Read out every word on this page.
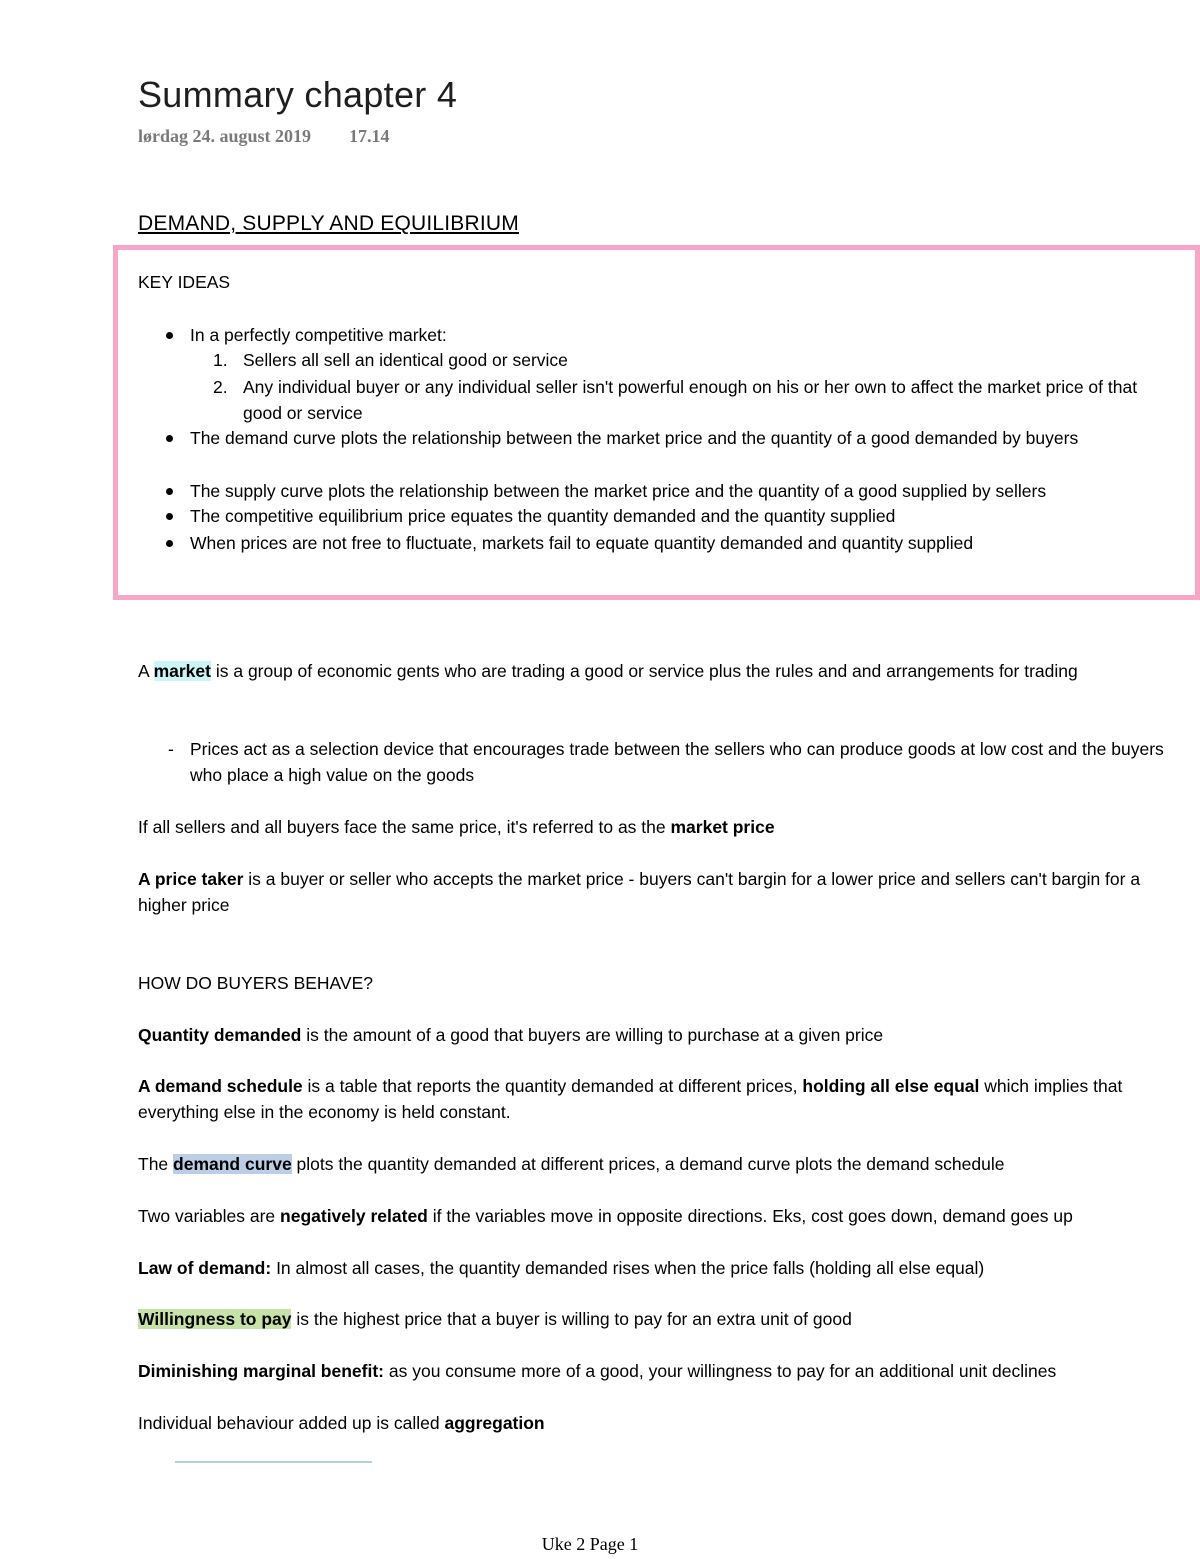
Summary chapter 4
lørdag 24. august 2019 17.14
DEMAND, SUPPLY AND EQUILIBRIUM
KEY IDEAS
In a perfectly competitive market:
1. Sellers all sell an identical good or service
2. Any individual buyer or any individual seller isn't powerful enough on his or her own to affect the market price of that good or service
The demand curve plots the relationship between the market price and the quantity of a good demanded by buyers
The supply curve plots the relationship between the market price and the quantity of a good supplied by sellers
The competitive equilibrium price equates the quantity demanded and the quantity supplied
When prices are not free to fluctuate, markets fail to equate quantity demanded and quantity supplied
A market is a group of economic gents who are trading a good or service plus the rules and and arrangements for trading
- Prices act as a selection device that encourages trade between the sellers who can produce goods at low cost and the buyers who place a high value on the goods
If all sellers and all buyers face the same price, it's referred to as the market price
A price taker is a buyer or seller who accepts the market price - buyers can't bargin for a lower price and sellers can't bargin for a higher price
HOW DO BUYERS BEHAVE?
Quantity demanded is the amount of a good that buyers are willing to purchase at a given price
A demand schedule is a table that reports the quantity demanded at different prices, holding all else equal which implies that everything else in the economy is held constant.
The demand curve plots the quantity demanded at different prices, a demand curve plots the demand schedule
Two variables are negatively related if the variables move in opposite directions. Eks, cost goes down, demand goes up
Law of demand: In almost all cases, the quantity demanded rises when the price falls (holding all else equal)
Willingness to pay is the highest price that a buyer is willing to pay for an extra unit of good
Diminishing marginal benefit: as you consume more of a good, your willingness to pay for an additional unit declines
Individual behaviour added up is called aggregation
Uke 2 Page 1
